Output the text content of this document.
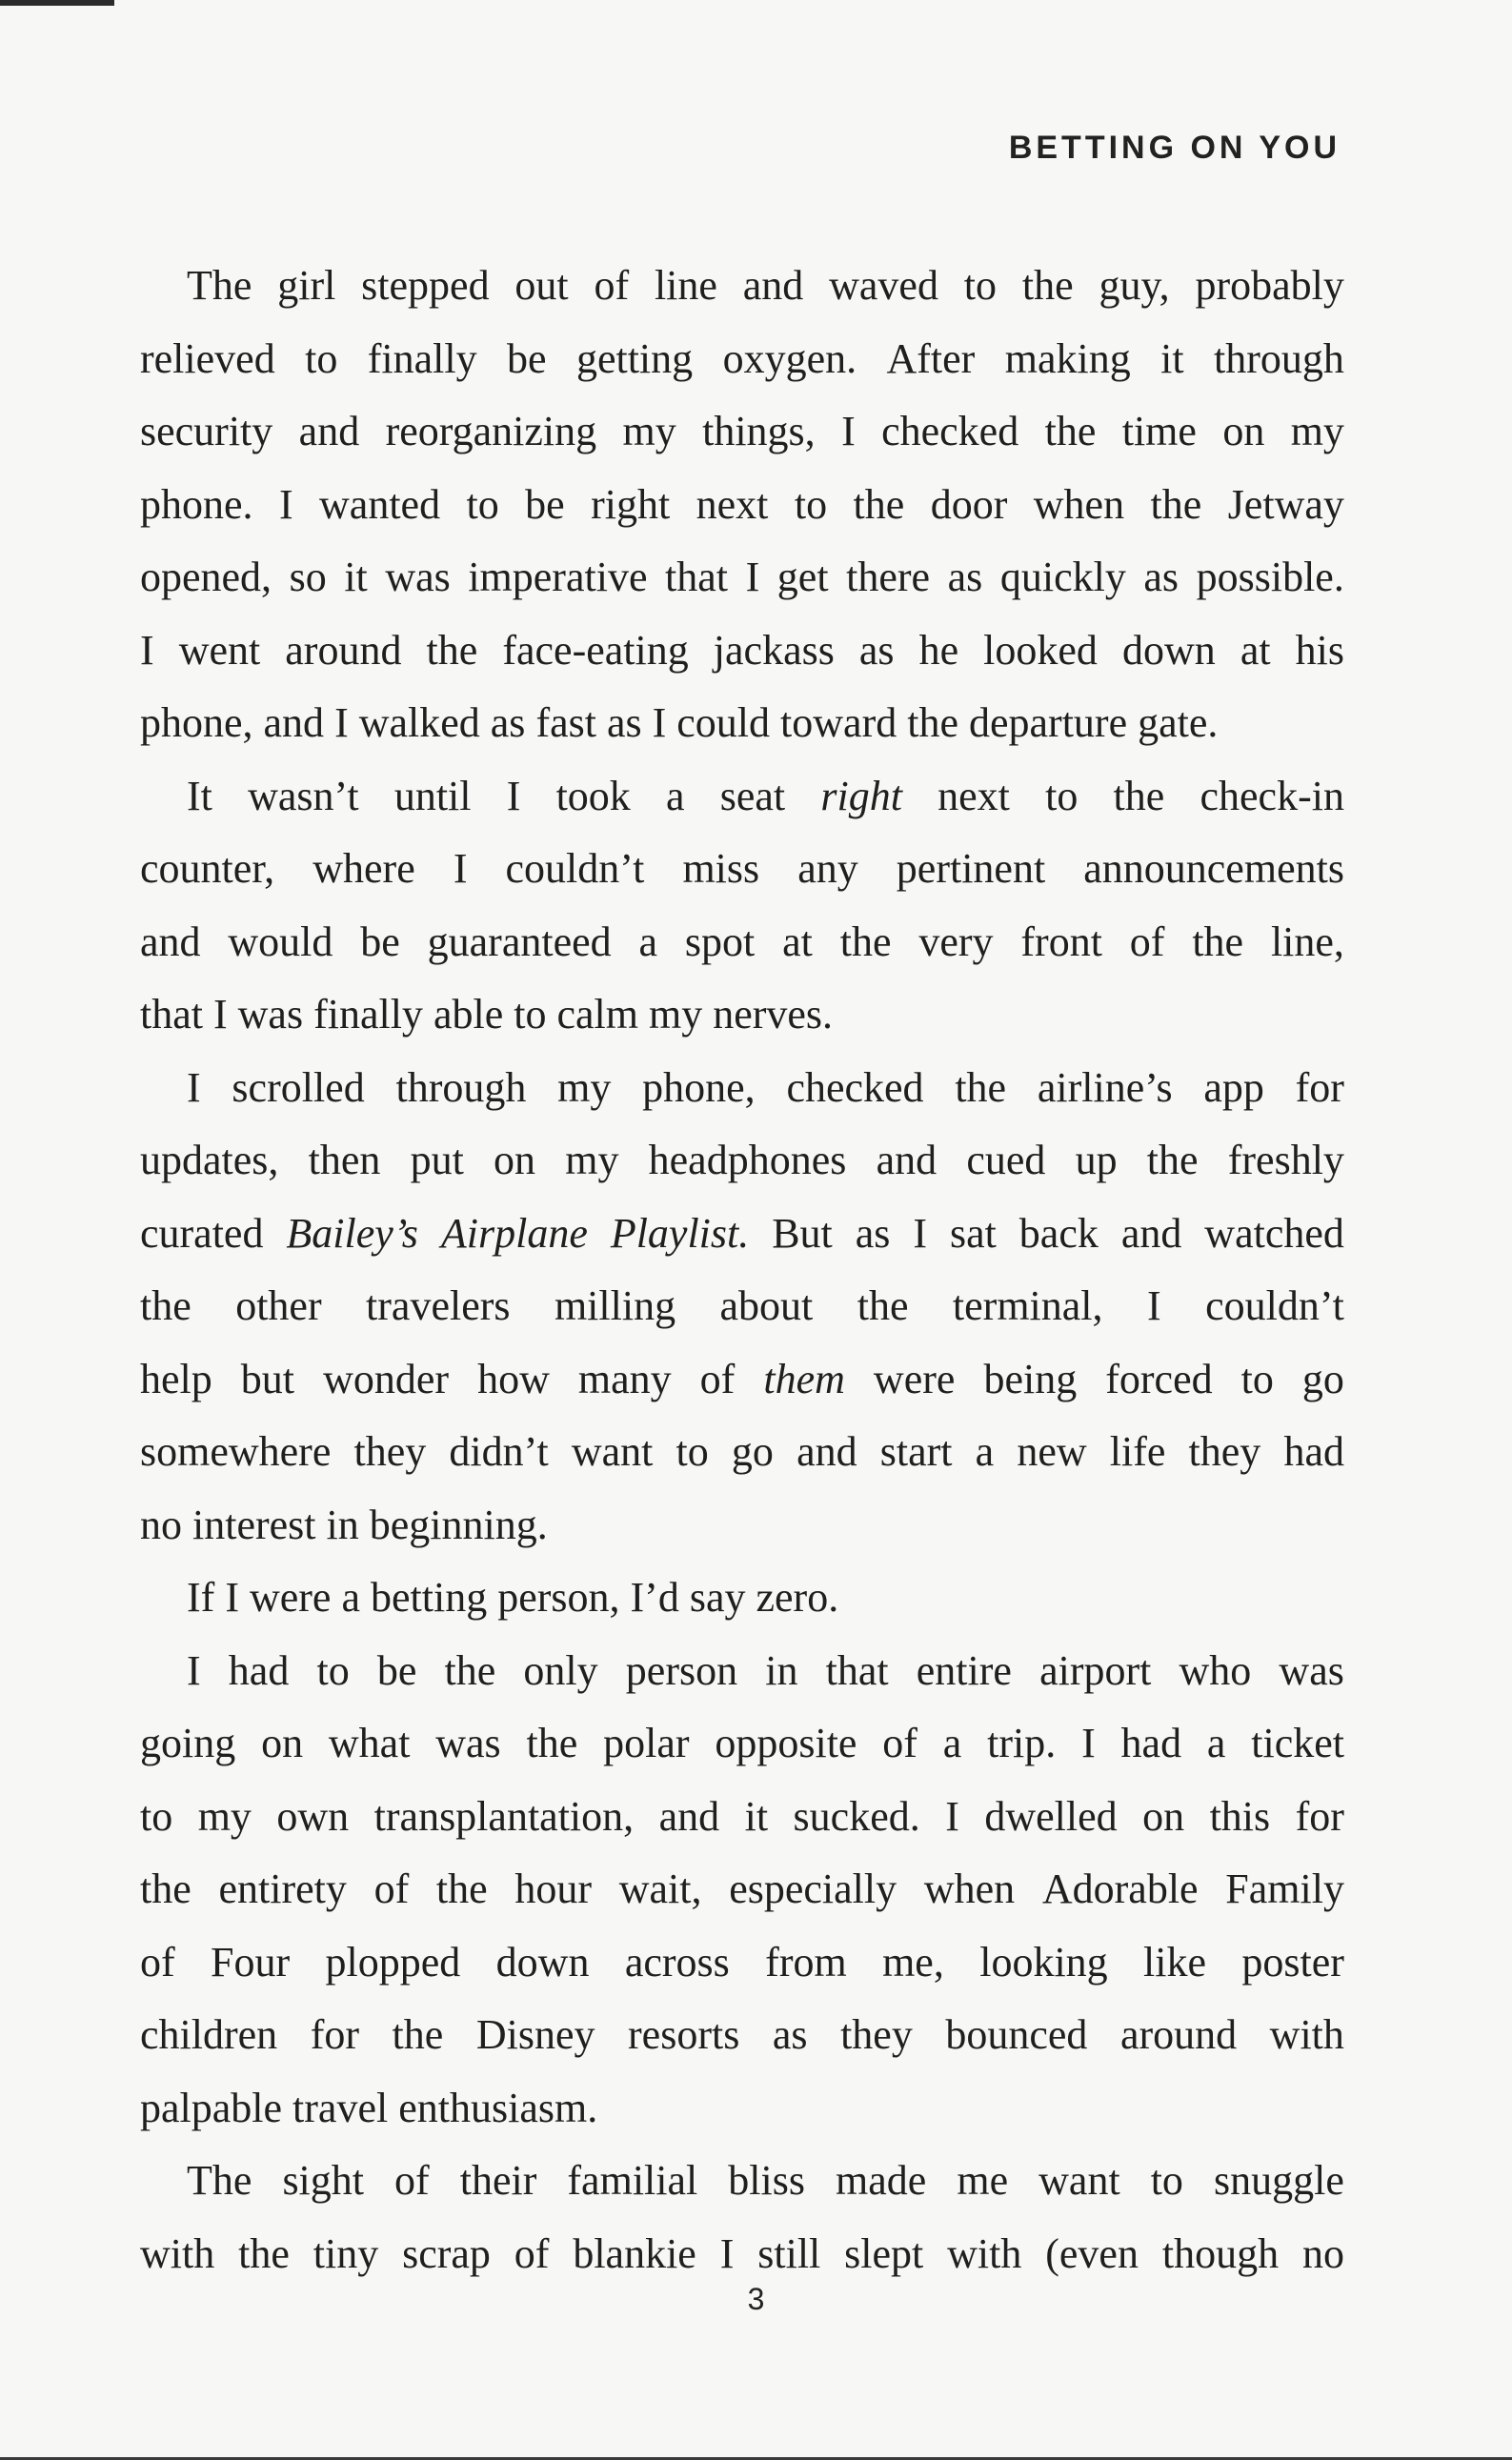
BETTING ON YOU
The girl stepped out of line and waved to the guy, probably
relieved to finally be getting oxygen. After making it through
security and reorganizing my things, I checked the time on my
phone. I wanted to be right next to the door when the Jetway
opened, so it was imperative that I get there as quickly as possible.
I went around the face-eating jackass as he looked down at his
phone, and I walked as fast as I could toward the departure gate.
It wasn’t until I took a seat right next to the check-in
counter, where I couldn’t miss any pertinent announcements
and would be guaranteed a spot at the very front of the line,
that I was finally able to calm my nerves.
I scrolled through my phone, checked the airline’s app for
updates, then put on my headphones and cued up the freshly
curated Bailey’s Airplane Playlist. But as I sat back and watched
the other travelers milling about the terminal, I couldn’t
help but wonder how many of them were being forced to go
somewhere they didn’t want to go and start a new life they had
no interest in beginning.
If I were a betting person, I’d say zero.
I had to be the only person in that entire airport who was
going on what was the polar opposite of a trip. I had a ticket
to my own transplantation, and it sucked. I dwelled on this for
the entirety of the hour wait, especially when Adorable Family
of Four plopped down across from me, looking like poster
children for the Disney resorts as they bounced around with
palpable travel enthusiasm.
The sight of their familial bliss made me want to snuggle
with the tiny scrap of blankie I still slept with (even though no
3
